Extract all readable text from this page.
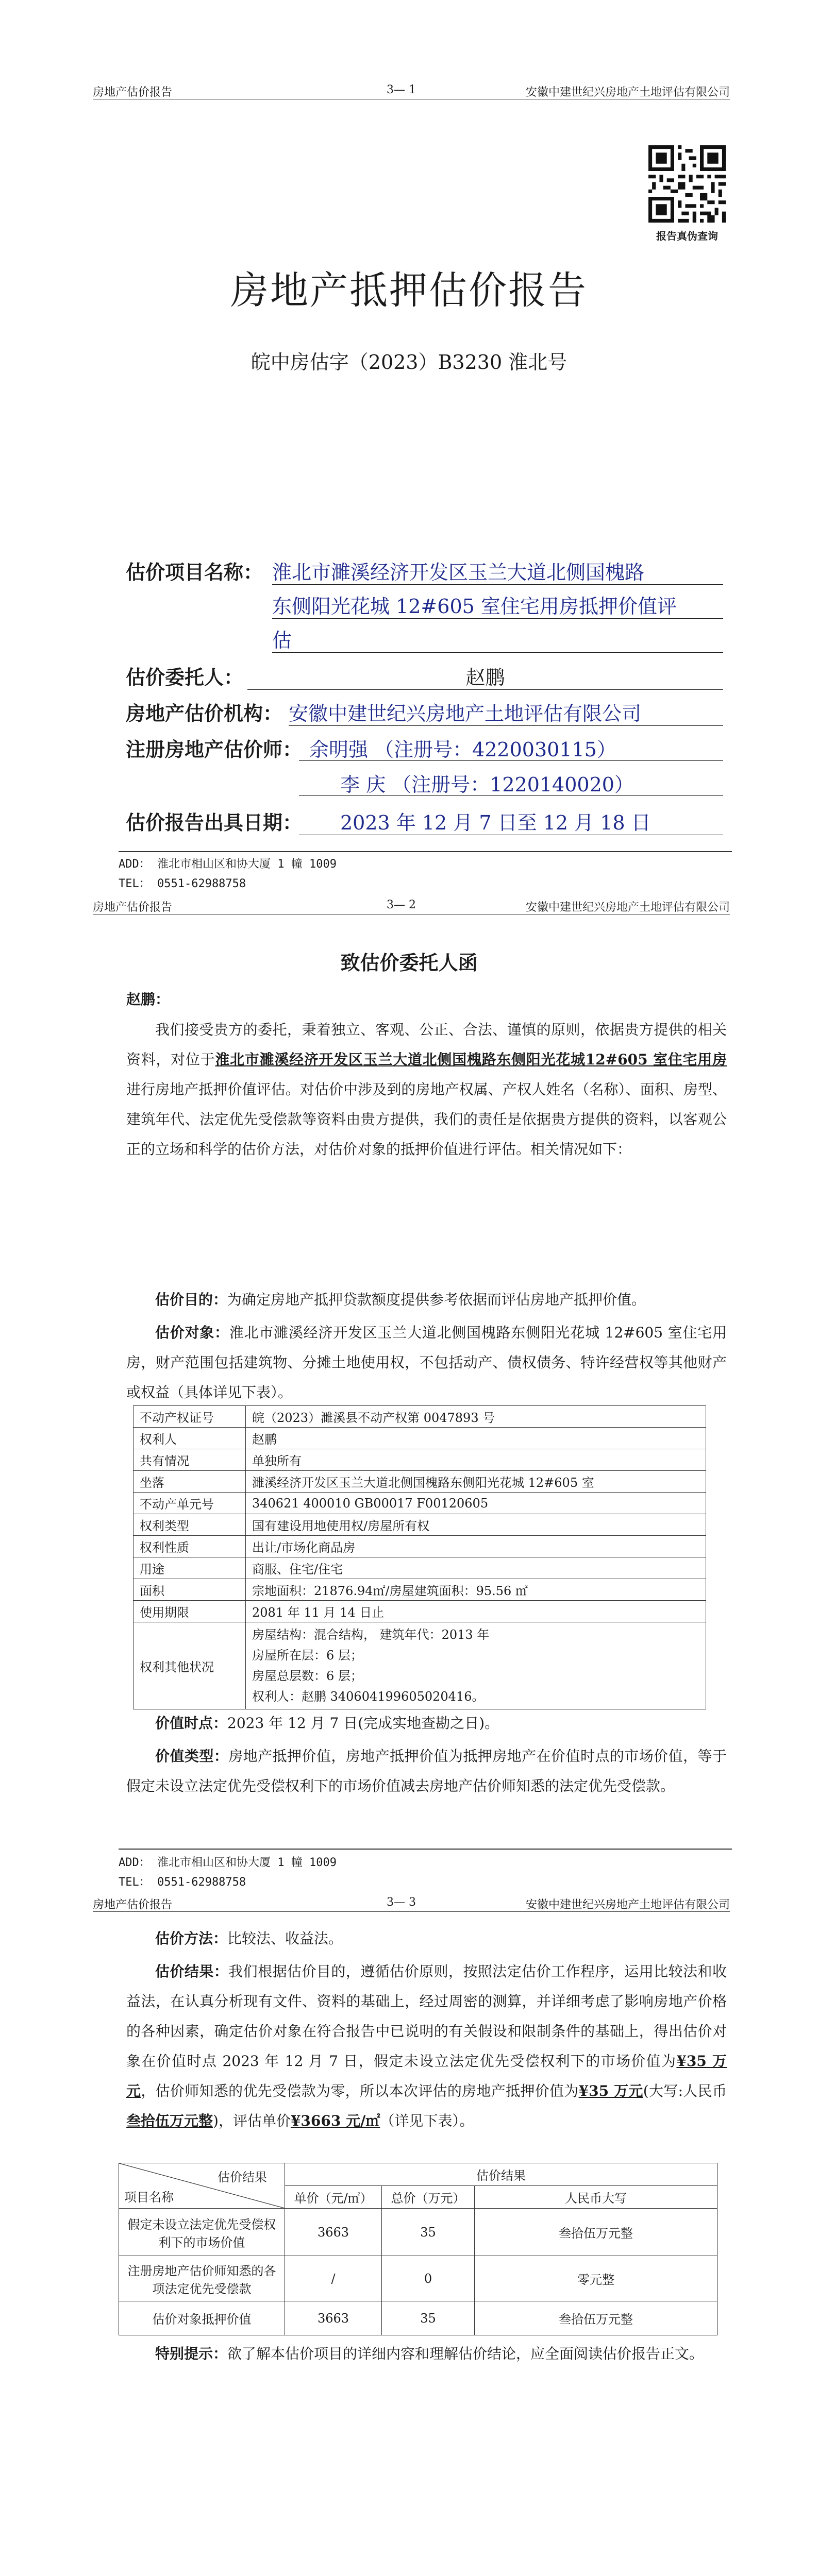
房地产估价报告	3— 1	安徽中建世纪兴房地产土地评估有限公司
报告真伪查询
房地产抵押估价报告
皖中房估字（2023）B3230 淮北号
估价项目名称： 淮北市濉溪经济开发区玉兰大道北侧国槐路
东侧阳光花城 12#605 室住宅用房抵押价值评
估
估价委托人：	赵鹏
房地产估价机构： 安徽中建世纪兴房地产土地评估有限公司
注册房地产估价师： 余明强 （注册号：4220030115）
李 庆 （注册号：1220140020）
估价报告出具日期： 2023 年 12 月 7 日至 12 月 18 日
ADD： 淮北市相山区和协大厦 1 幢 1009
TEL： 0551-62988758
房地产估价报告	3— 2	安徽中建世纪兴房地产土地评估有限公司
致估价委托人函
赵鹏：
我们接受贵方的委托，秉着独立、客观、公正、合法、谨慎的原则，依据贵方提供的相关资料，对位于淮北市濉溪经济开发区玉兰大道北侧国槐路东侧阳光花城12#605 室住宅用房进行房地产抵押价值评估。对估价中涉及到的房地产权属、产权人姓名（名称）、面积、房型、建筑年代、法定优先受偿款等资料由贵方提供，我们的责任是依据贵方提供的资料，以客观公正的立场和科学的估价方法，对估价对象的抵押价值进行评估。相关情况如下：
估价目的：为确定房地产抵押贷款额度提供参考依据而评估房地产抵押价值。
估价对象：淮北市濉溪经济开发区玉兰大道北侧国槐路东侧阳光花城 12#605 室住宅用房，财产范围包括建筑物、分摊土地使用权，不包括动产、债权债务、特许经营权等其他财产或权益（具体详见下表）。
不动产权证号	皖（2023）濉溪县不动产权第 0047893 号
权利人	赵鹏
共有情况	单独所有
坐落	濉溪经济开发区玉兰大道北侧国槐路东侧阳光花城 12#605 室
不动产单元号	340621 400010 GB00017 F00120605
权利类型	国有建设用地使用权/房屋所有权
权利性质	出让/市场化商品房
用途	商服、住宅/住宅
面积	宗地面积：21876.94㎡/房屋建筑面积：95.56 ㎡
使用期限	2081 年 11 月 14 日止
权利其他状况	房屋结构：混合结构， 建筑年代：2013 年
房屋所在层：6 层；
房屋总层数：6 层；
权利人：赵鹏 340604199605020416。
价值时点：2023 年 12 月 7 日(完成实地查勘之日)。
价值类型：房地产抵押价值，房地产抵押价值为抵押房地产在价值时点的市场价值，等于假定未设立法定优先受偿权利下的市场价值减去房地产估价师知悉的法定优先受偿款。
ADD： 淮北市相山区和协大厦 1 幢 1009
TEL： 0551-62988758
房地产估价报告	3— 3	安徽中建世纪兴房地产土地评估有限公司
估价方法：比较法、收益法。
估价结果：我们根据估价目的，遵循估价原则，按照法定估价工作程序，运用比较法和收益法，在认真分析现有文件、资料的基础上，经过周密的测算，并详细考虑了影响房地产价格的各种因素，确定估价对象在符合报告中已说明的有关假设和限制条件的基础上，得出估价对象在价值时点 2023 年 12 月 7 日，假定未设立法定优先受偿权利下的市场价值为¥35 万元，估价师知悉的优先受偿款为零，所以本次评估的房地产抵押价值为¥35 万元(大写:人民币叁拾伍万元整)，评估单价¥3663 元/㎡（详见下表）。
估价结果
项目名称	估价结果		
	单价（元/㎡）	总价（万元）	人民币大写
假定未设立法定优先受偿权利下的市场价值	3663	35	叁拾伍万元整
注册房地产估价师知悉的各项法定优先受偿款	/	0	零元整
估价对象抵押价值	3663	35	叁拾伍万元整
特别提示：欲了解本估价项目的详细内容和理解估价结论，应全面阅读估价报告正文。
